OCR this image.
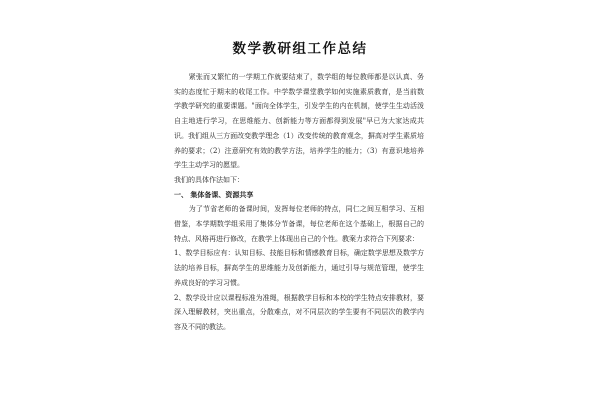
数学教研组工作总结

紧张而又繁忙的一学期工作就要结束了，数学组的每位教师都是以认真、务实的态度忙于期末的收尾工作。中学数学课堂教学如何实施素质教育，是当前数学教学研究的重要课题。"面向全体学生，引发学生的内在机制，使学生生动活泼自主地进行学习，在思维能力、创新能力等方面都得到发展"早已为大家达成共识。我们组从三方面改变教学理念（1）改变传统的教育观念，摒高对学生素质培养的要求；（2）注意研究有效的教学方法，培养学生的能力；（3）有意识地培养学生主动学习的愿望。

我们的具体作法如下：

一、 集体备课、资源共享

为了节省老师的备课时间，发挥每位老师的特点，同仁之间互相学习、互相借鉴，本学期数学组采用了集体分节备课，每位老师在这个基础上，根据自己的特点、风格再进行修改，在教学上体现出自己的个性。教案力求符合下列要求：

1、数学目标应有：认知目标、技能目标和情感教育目标，确定数学思想及数学方法的培养目标，摒高学生的思维能力及创新能力，通过引导与规范管理，使学生养成良好的学习习惯。

2、数学设计应以课程标准为准绳，根据教学目标和本校的学生特点安排教材，要深入理解教材，突出重点，分散难点，对不同层次的学生要有不同层次的教学内容及不同的教法。
